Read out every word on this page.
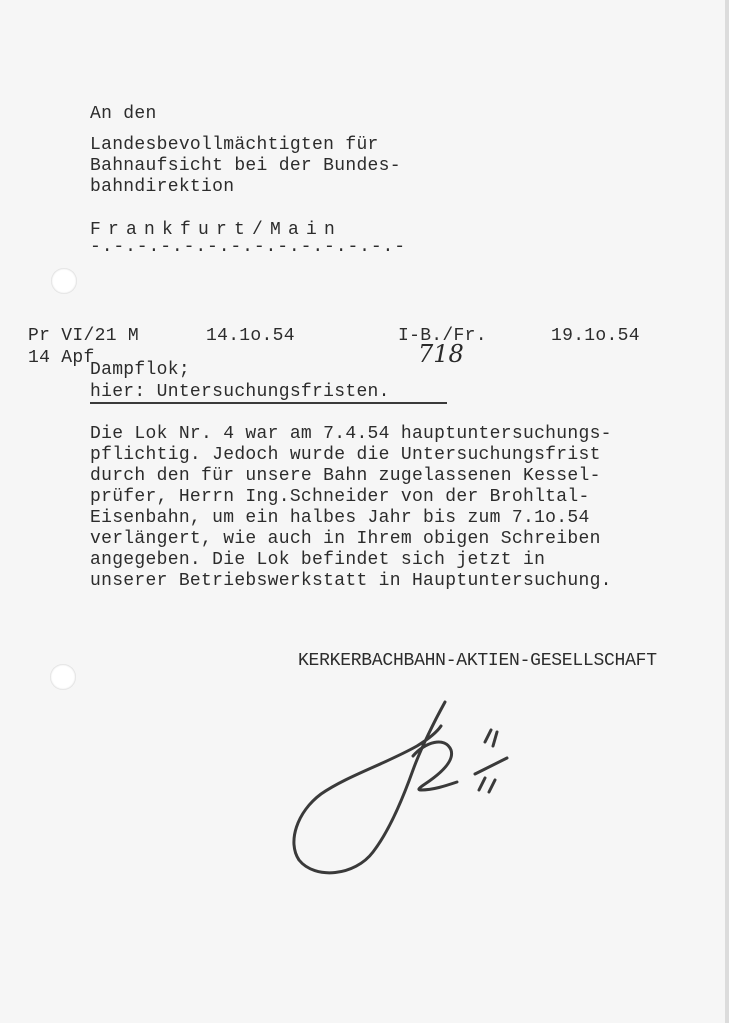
An den
Landesbevollmächtigten für
Bahnaufsicht bei der Bundes-
bahndirektion
Frankfurt/Main
-.-.-.-.-.-.-.-.-.-.-.-.-.-
Pr VI/21 M	14.1o.54	I-B./Fr.	19.1o.54
14 Apf	718
Dampflok;
hier: Untersuchungsfristen.
Die Lok Nr. 4 war am 7.4.54 hauptuntersuchungs-
pflichtig. Jedoch wurde die Untersuchungsfrist
durch den für unsere Bahn zugelassenen Kessel-
prüfer, Herrn Ing.Schneider von der Brohltal-
Eisenbahn, um ein halbes Jahr bis zum 7.1o.54
verlängert, wie auch in Ihrem obigen Schreiben
angegeben. Die Lok befindet sich jetzt in
unserer Betriebswerkstatt in Hauptuntersuchung.
KERKERBACHBAHN-AKTIEN-GESELLSCHAFT
